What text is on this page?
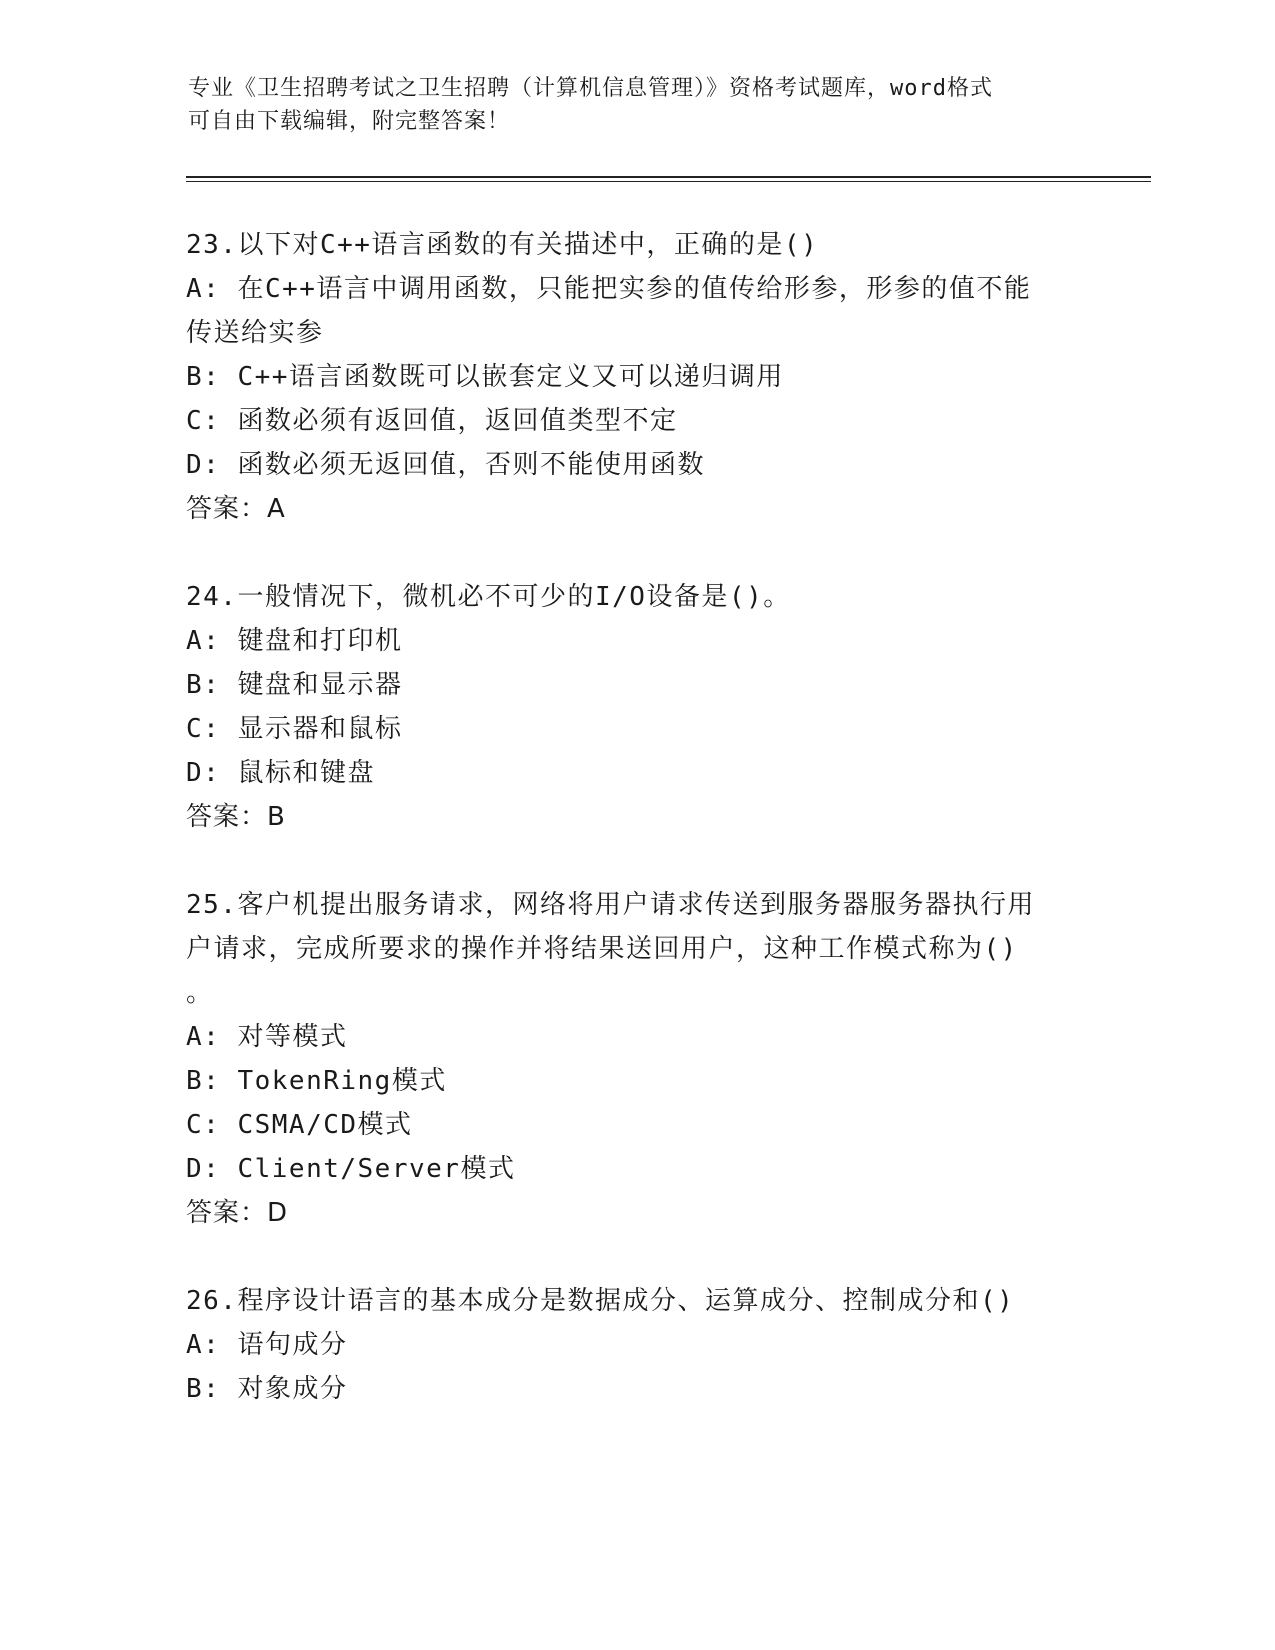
专业《卫生招聘考试之卫生招聘（计算机信息管理）》资格考试题库，word格式
可自由下载编辑，附完整答案！
23.以下对C++语言函数的有关描述中，正确的是()
A: 在C++语言中调用函数，只能把实参的值传给形参，形参的值不能
传送给实参
B: C++语言函数既可以嵌套定义又可以递归调用
C: 函数必须有返回值，返回值类型不定
D: 函数必须无返回值，否则不能使用函数
答案：A
24.一般情况下，微机必不可少的I/O设备是()。
A: 键盘和打印机
B: 键盘和显示器
C: 显示器和鼠标
D: 鼠标和键盘
答案：B
25.客户机提出服务请求，网络将用户请求传送到服务器服务器执行用
户请求，完成所要求的操作并将结果送回用户，这种工作模式称为()
。
A: 对等模式
B: TokenRing模式
C: CSMA/CD模式
D: Client/Server模式
答案：D
26.程序设计语言的基本成分是数据成分、运算成分、控制成分和()
A: 语句成分
B: 对象成分
